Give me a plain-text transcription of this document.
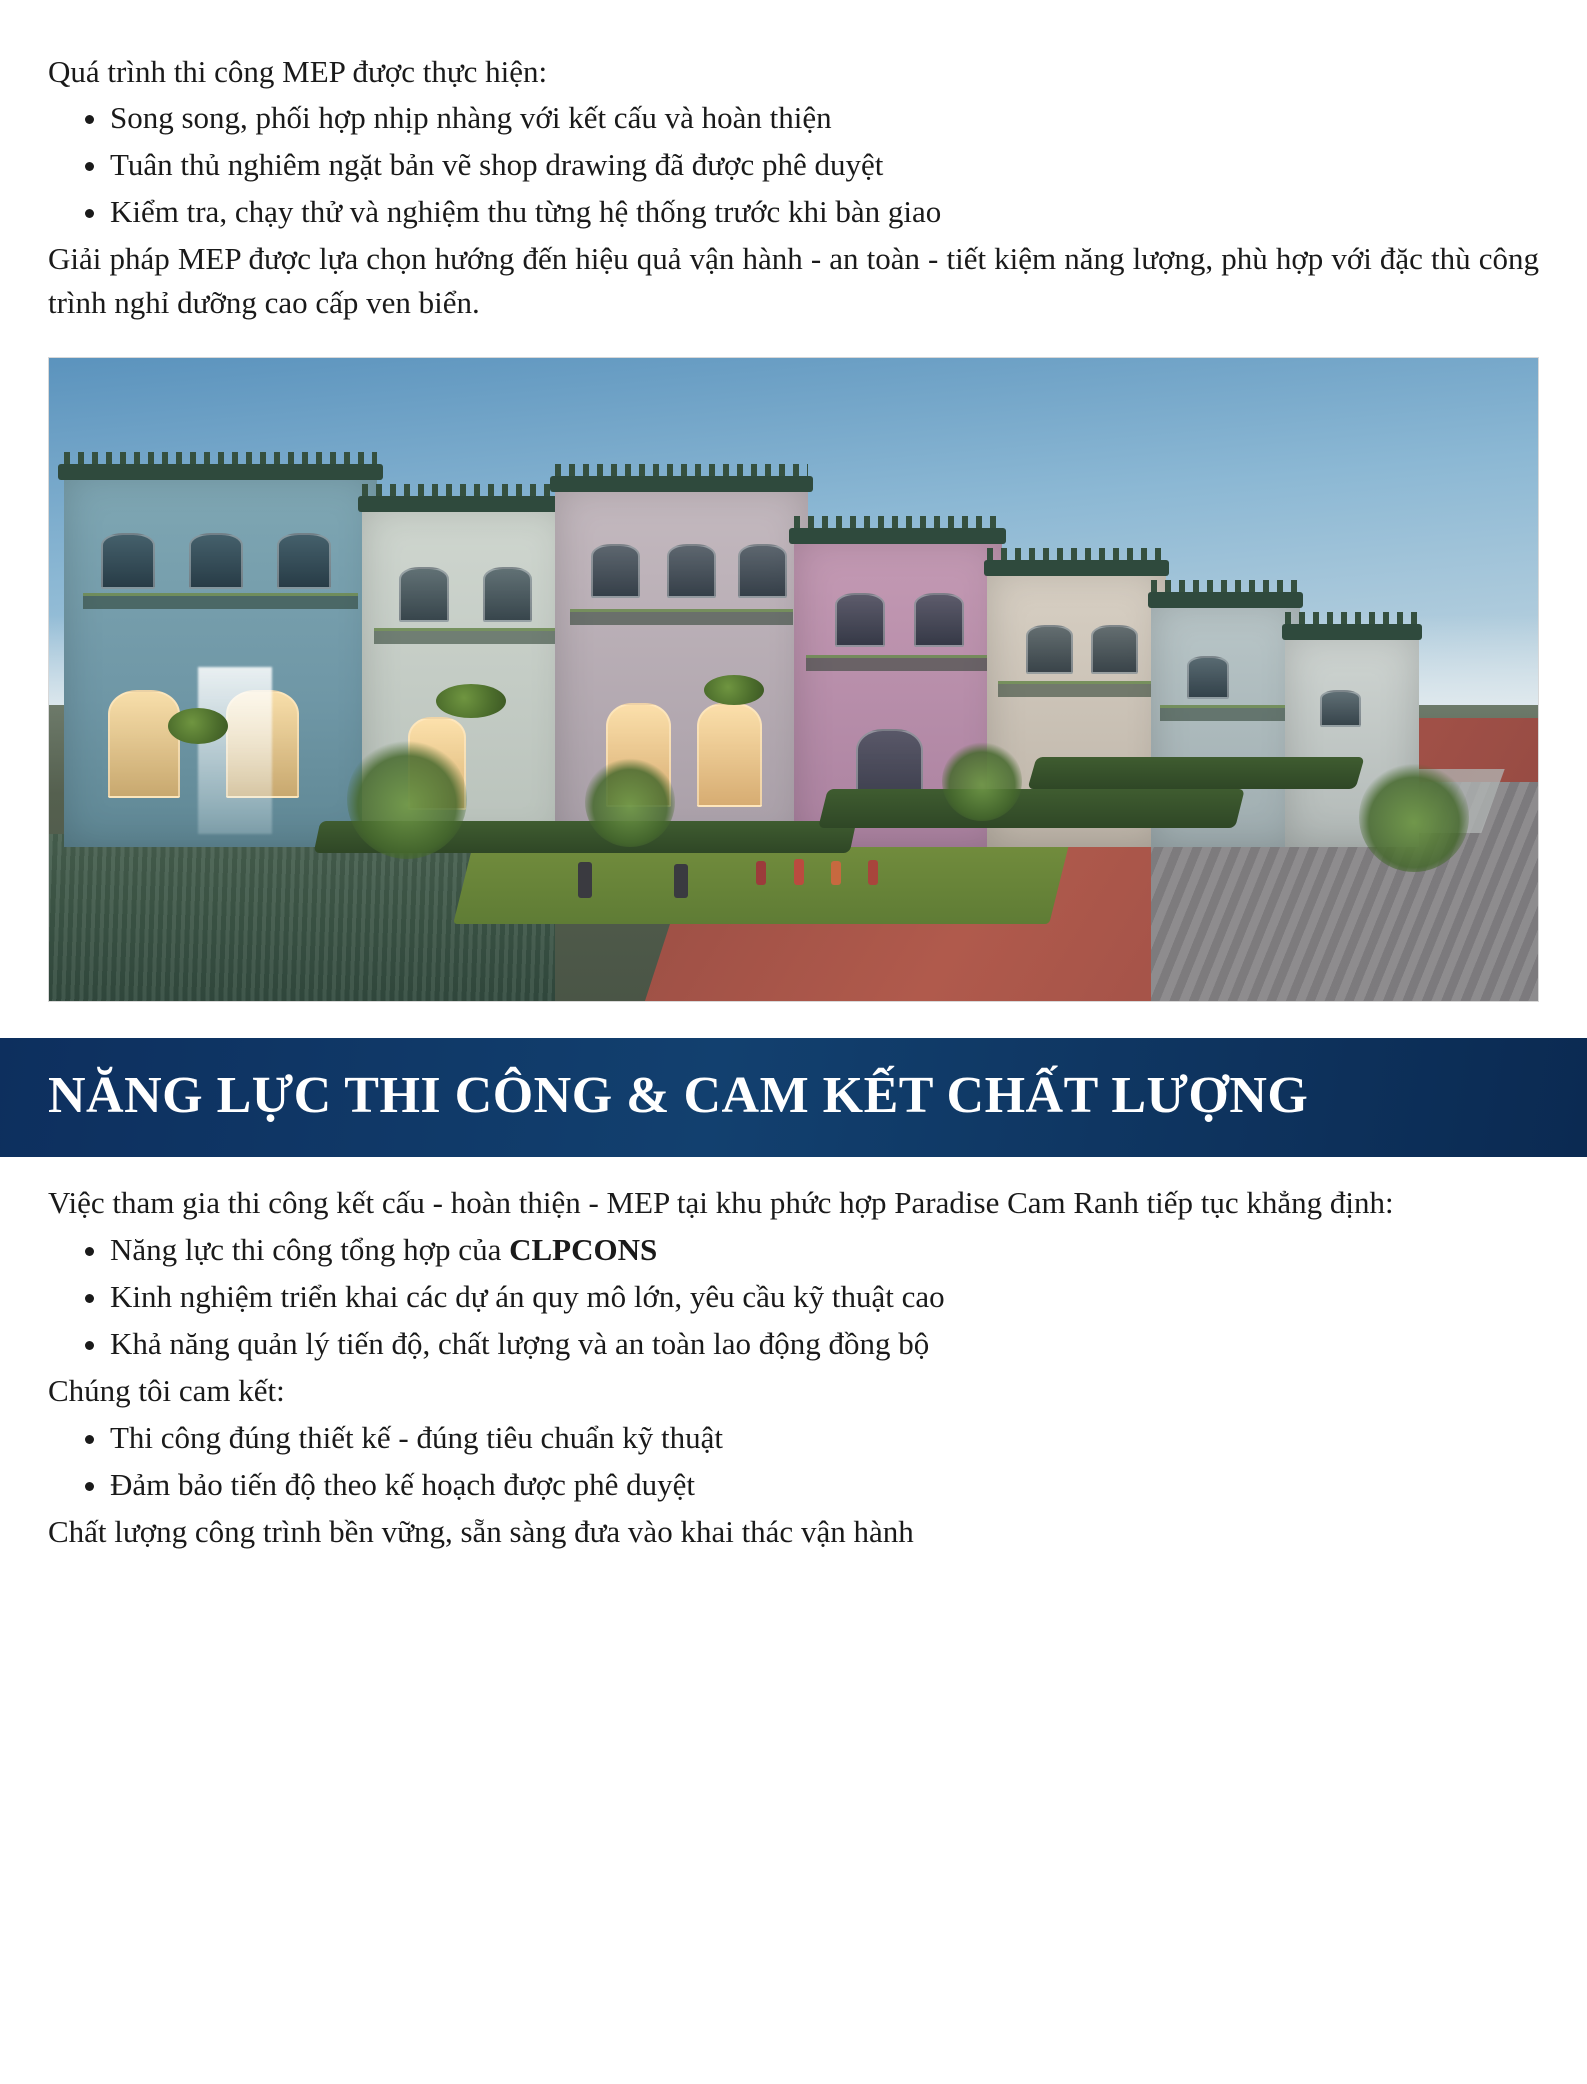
Quá trình thi công MEP được thực hiện:

• Song song, phối hợp nhịp nhàng với kết cấu và hoàn thiện
• Tuân thủ nghiêm ngặt bản vẽ shop drawing đã được phê duyệt
• Kiểm tra, chạy thử và nghiệm thu từng hệ thống trước khi bàn giao

Giải pháp MEP được lựa chọn hướng đến hiệu quả vận hành - an toàn - tiết kiệm năng lượng, phù hợp với đặc thù công trình nghỉ dưỡng cao cấp ven biển.

NĂNG LỰC THI CÔNG & CAM KẾT CHẤT LƯỢNG

Việc tham gia thi công kết cấu - hoàn thiện - MEP tại khu phức hợp Paradise Cam Ranh tiếp tục khẳng định:

• Năng lực thi công tổng hợp của CLPCONS
• Kinh nghiệm triển khai các dự án quy mô lớn, yêu cầu kỹ thuật cao
• Khả năng quản lý tiến độ, chất lượng và an toàn lao động đồng bộ

Chúng tôi cam kết:

• Thi công đúng thiết kế - đúng tiêu chuẩn kỹ thuật
• Đảm bảo tiến độ theo kế hoạch được phê duyệt

Chất lượng công trình bền vững, sẵn sàng đưa vào khai thác vận hành
